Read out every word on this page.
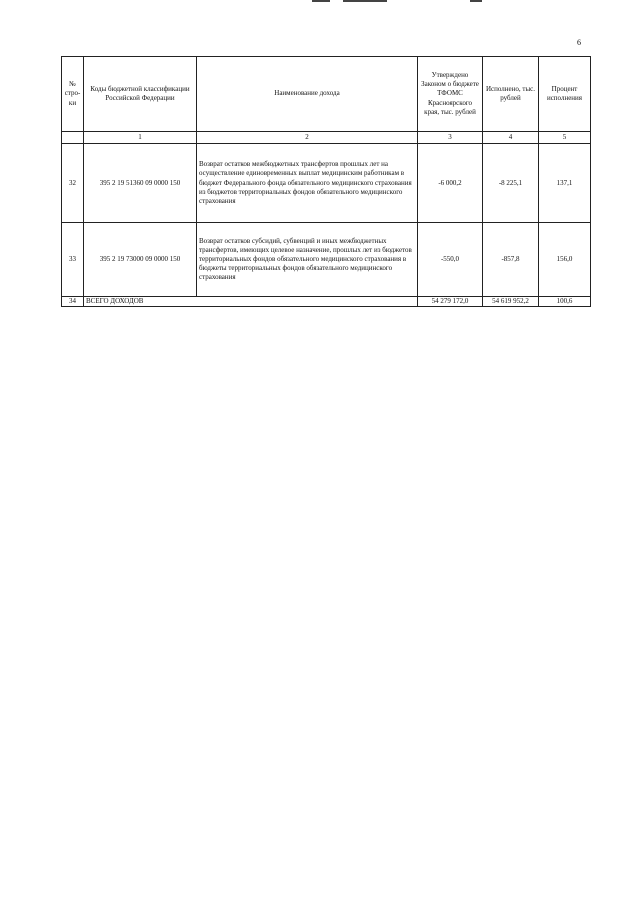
6
№ стро-ки	Коды бюджетной классификации Российской Федерации	Наименование дохода	Утверждено Законом о бюджете ТФОМС Красноярского края, тыс. рублей	Исполнено, тыс. рублей	Процент исполнения
	1	2	3	4	5
32	395 2 19 51360 09 0000 150	Возврат остатков межбюджетных трансфертов прошлых лет на осуществление единовременных выплат медицинским работникам в бюджет Федерального фонда обязательного медицинского страхования из бюджетов территориальных фондов обязательного медицинского страхования	-6 000,2	-8 225,1	137,1
33	395 2 19 73000 09 0000 150	Возврат остатков субсидий, субвенций и иных межбюджетных трансфертов, имеющих целевое назначение, прошлых лет из бюджетов территориальных фондов обязательного медицинского страхования в бюджеты территориальных фондов обязательного медицинского страхования	-550,0	-857,8	156,0
34	ВСЕГО ДОХОДОВ		54 279 172,0	54 619 952,2	100,6
